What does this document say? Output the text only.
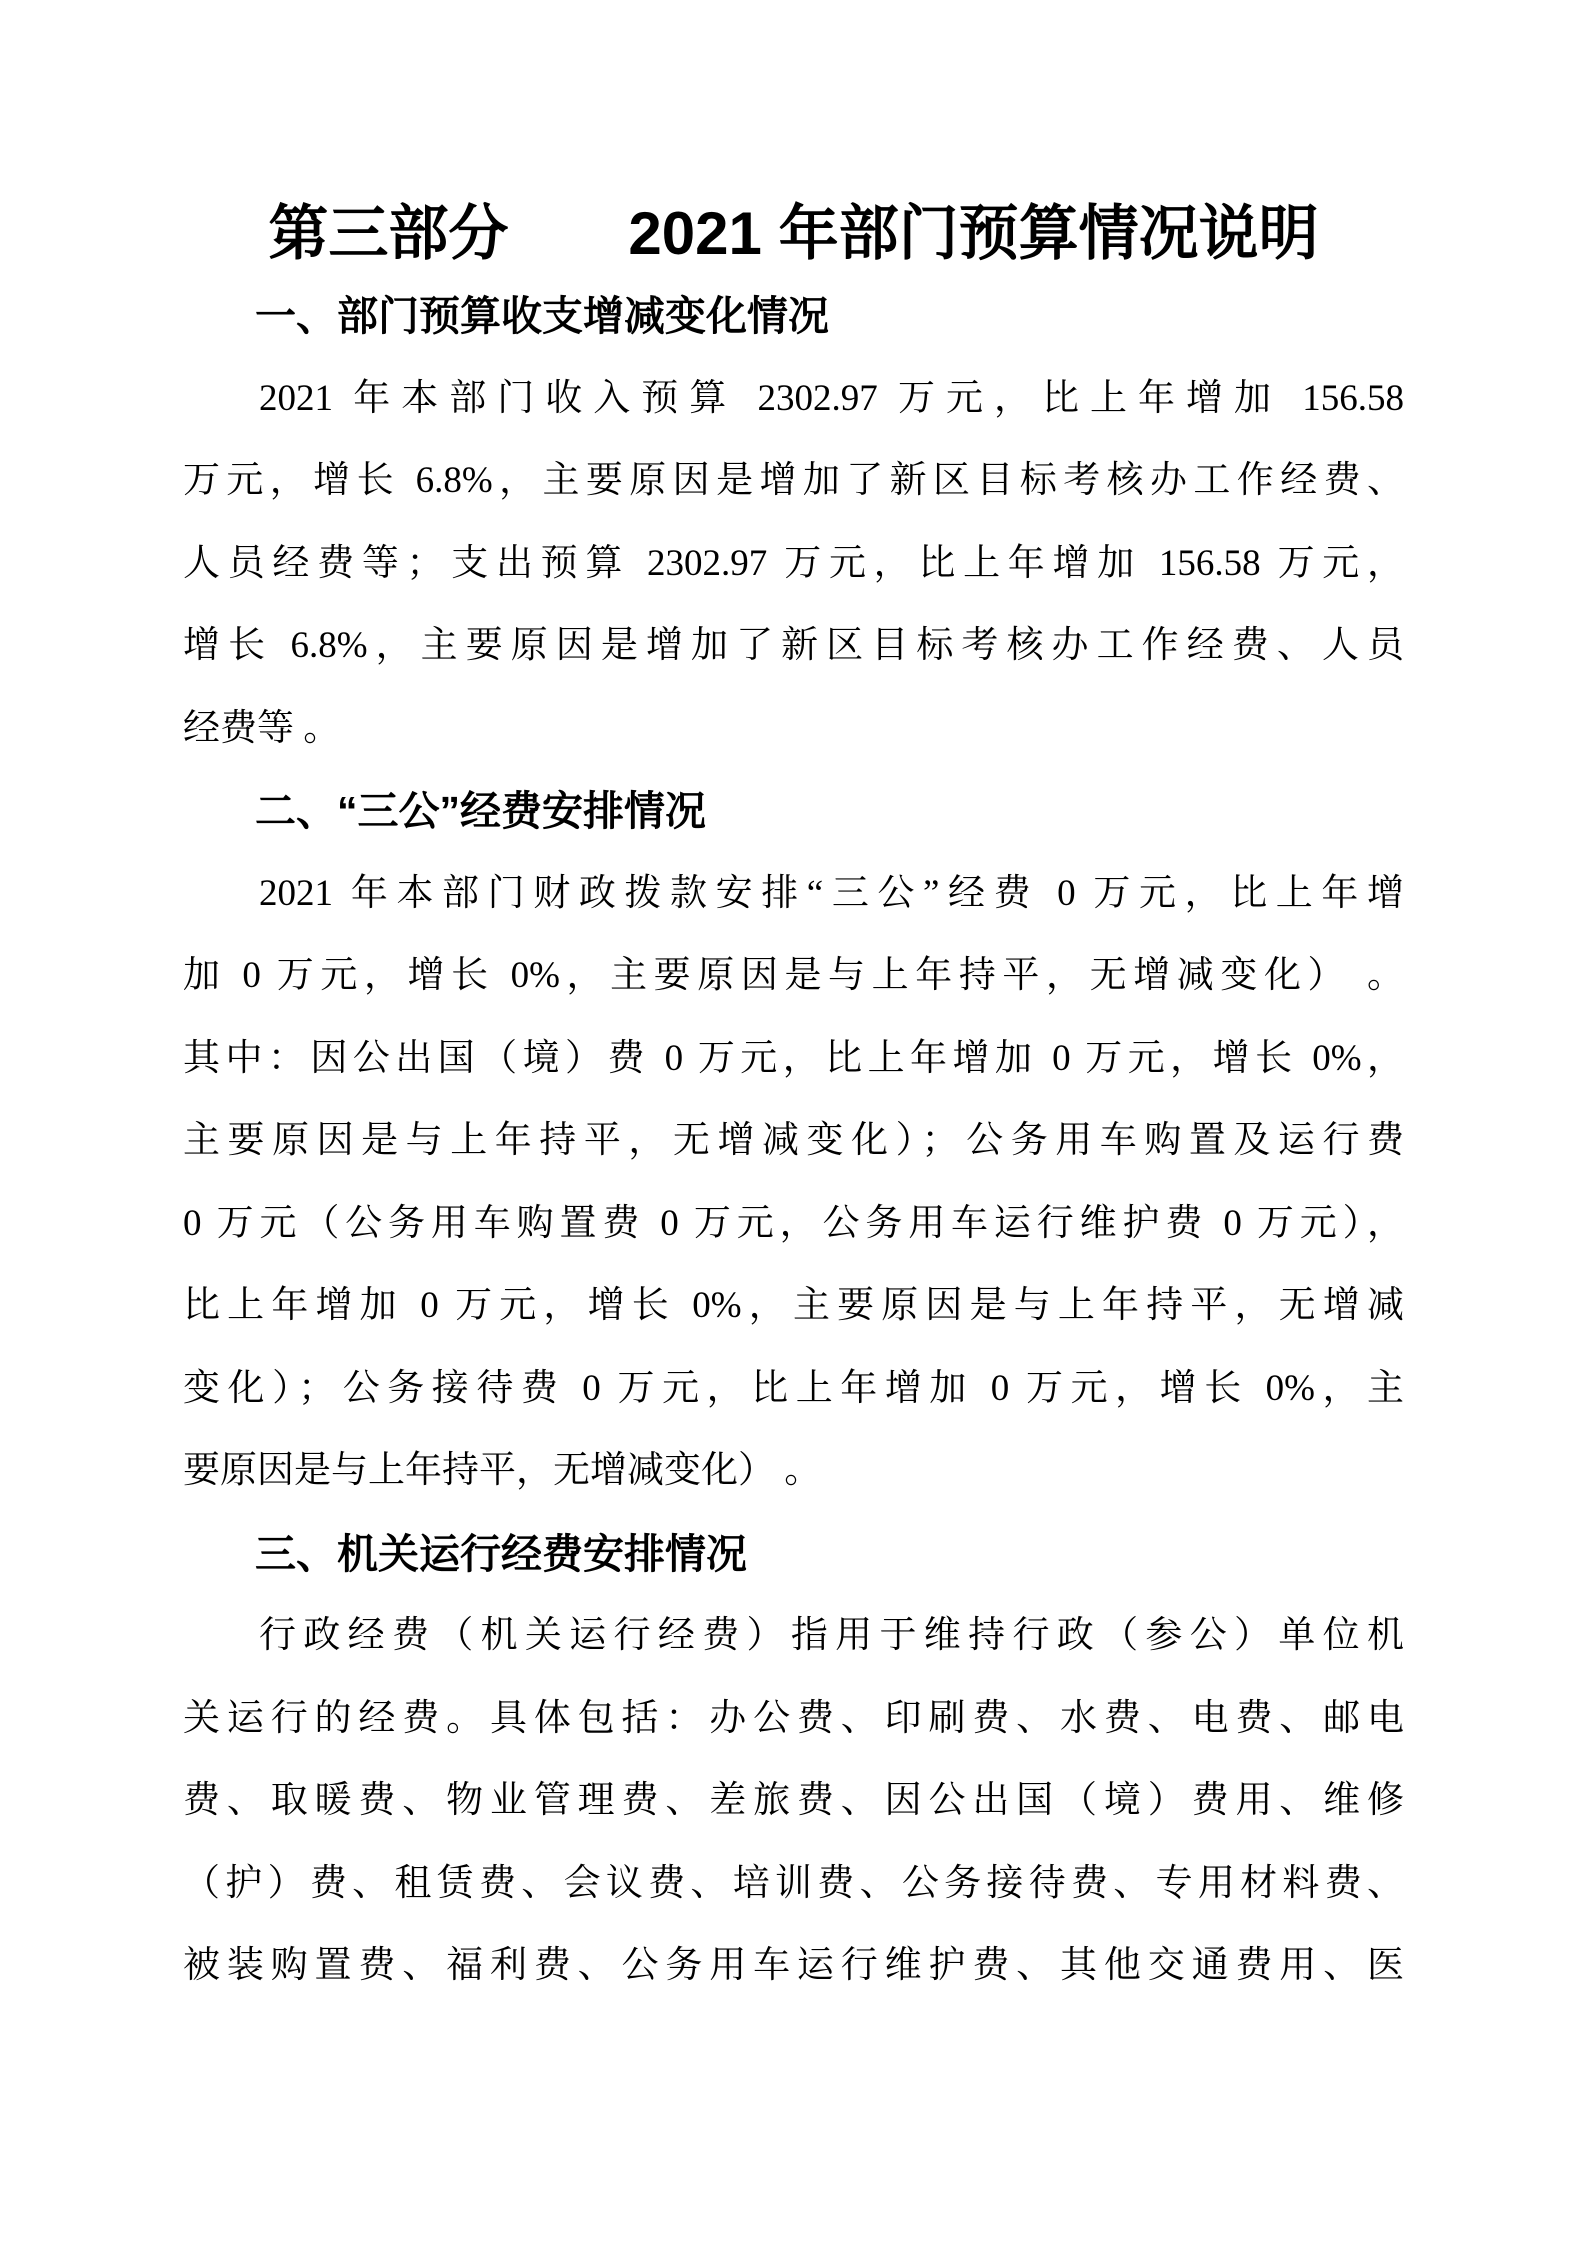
第三部分　　2021 年部门预算情况说明
一、部门预算收支增减变化情况
2021 年本部门收入预算 2302.97 万元，比上年增加 156.58
万元，增长 6.8%，主要原因是增加了新区目标考核办工作经费、
人员经费等；支出预算 2302.97 万元，比上年增加 156.58 万元，
增长 6.8%，主要原因是增加了新区目标考核办工作经费、人员
经费等 。
二、“三公”经费安排情况
2021 年本部门财政拨款安排“三公”经费 0 万元，比上年增
加 0 万元，增长 0%，主要原因是与上年持平，无增减变化） 。
其中：因公出国（境）费 0 万元，比上年增加 0 万元，增长 0%，
主要原因是与上年持平，无增减变化）；公务用车购置及运行费
0 万元（公务用车购置费 0 万元，公务用车运行维护费 0 万元），
比上年增加 0 万元，增长 0%，主要原因是与上年持平，无增减
变化）；公务接待费 0 万元，比上年增加 0 万元，增长 0%，主
要原因是与上年持平，无增减变化） 。
三、机关运行经费安排情况
行政经费（机关运行经费）指用于维持行政（参公）单位机
关运行的经费。具体包括：办公费、印刷费、水费、电费、邮电
费、取暖费、物业管理费、差旅费、因公出国（境）费用、维修
（护）费、租赁费、会议费、培训费、公务接待费、专用材料费、
被装购置费、福利费、公务用车运行维护费、其他交通费用、医
